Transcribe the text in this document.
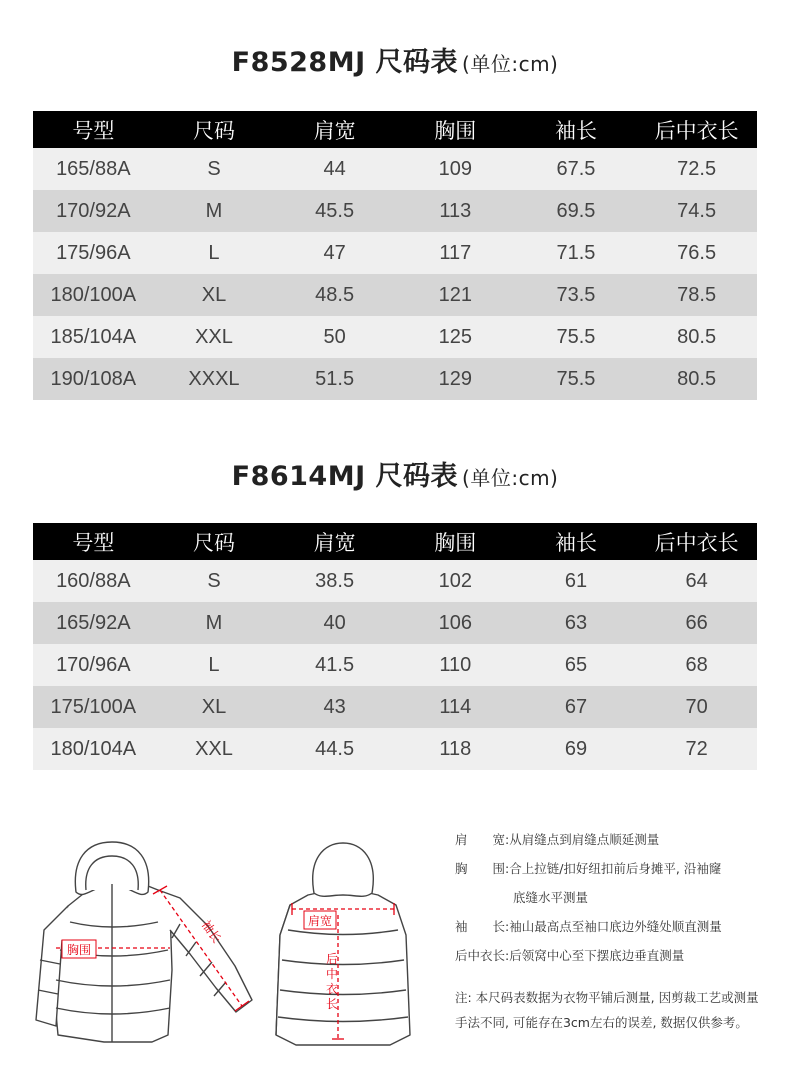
F8528MJ 尺码表 (单位:cm)
号型	尺码	肩宽	胸围	袖长	后中衣长
165/88A	S	44	109	67.5	72.5
170/92A	M	45.5	113	69.5	74.5
175/96A	L	47	117	71.5	76.5
180/100A	XL	48.5	121	73.5	78.5
185/104A	XXL	50	125	75.5	80.5
190/108A	XXXL	51.5	129	75.5	80.5
F8614MJ 尺码表 (单位:cm)
号型	尺码	肩宽	胸围	袖长	后中衣长
160/88A	S	38.5	102	61	64
165/92A	M	40	106	63	66
170/96A	L	41.5	110	65	68
175/100A	XL	43	114	67	70
180/104A	XXL	44.5	118	69	72
胸围
袖长	肩宽
后中衣长
肩　　宽: 从肩缝点到肩缝点顺延测量
胸　　围: 合上拉链/扣好纽扣前后身摊平, 沿袖窿
底缝水平测量
袖　　长: 袖山最高点至袖口底边外缝处顺直测量
后中衣长: 后领窝中心至下摆底边垂直测量
注: 本尺码表数据为衣物平铺后测量, 因剪裁工艺或测量手法不同, 可能存在3cm左右的误差, 数据仅供参考。
